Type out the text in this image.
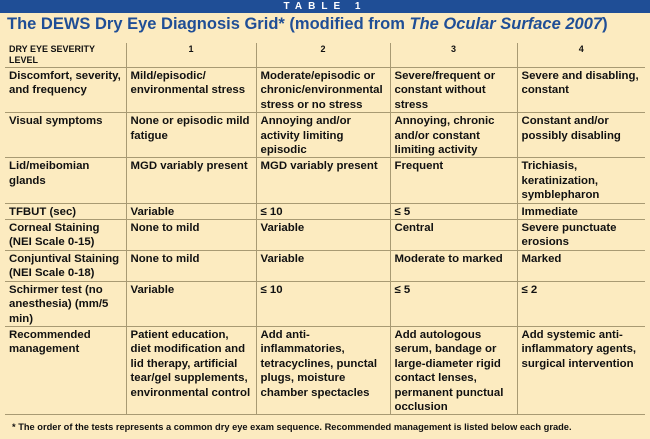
TABLE 1
The DEWS Dry Eye Diagnosis Grid* (modified from The Ocular Surface 2007)
DRY EYE SEVERITY LEVEL	1	2	3	4
Discomfort, severity, and frequency	Mild/episodic/ environmental stress	Moderate/episodic or chronic/environmental stress or no stress	Severe/frequent or constant without stress	Severe and disabling, constant
Visual symptoms	None or episodic mild fatigue	Annoying and/or activity limiting episodic	Annoying, chronic and/or constant limiting activity	Constant and/or possibly disabling
Lid/meibomian glands	MGD variably present	MGD variably present	Frequent	Trichiasis, keratinization, symblepharon
TFBUT (sec)	Variable	≤ 10	≤ 5	Immediate
Corneal Staining (NEI Scale 0-15)	None to mild	Variable	Central	Severe punctuate erosions
Conjuntival Staining (NEI Scale 0-18)	None to mild	Variable	Moderate to marked	Marked
Schirmer test (no anesthesia) (mm/5 min)	Variable	≤ 10	≤ 5	≤ 2
Recommended management	Patient education, diet modification and lid therapy, artificial tear/gel supplements, environmental control	Add anti-inflammatories, tetracyclines, punctal plugs, moisture chamber spectacles	Add autologous serum, bandage or large-diameter rigid contact lenses, permanent punctual occlusion	Add systemic anti-inflammatory agents, surgical intervention
* The order of the tests represents a common dry eye exam sequence. Recommended management is listed below each grade.
